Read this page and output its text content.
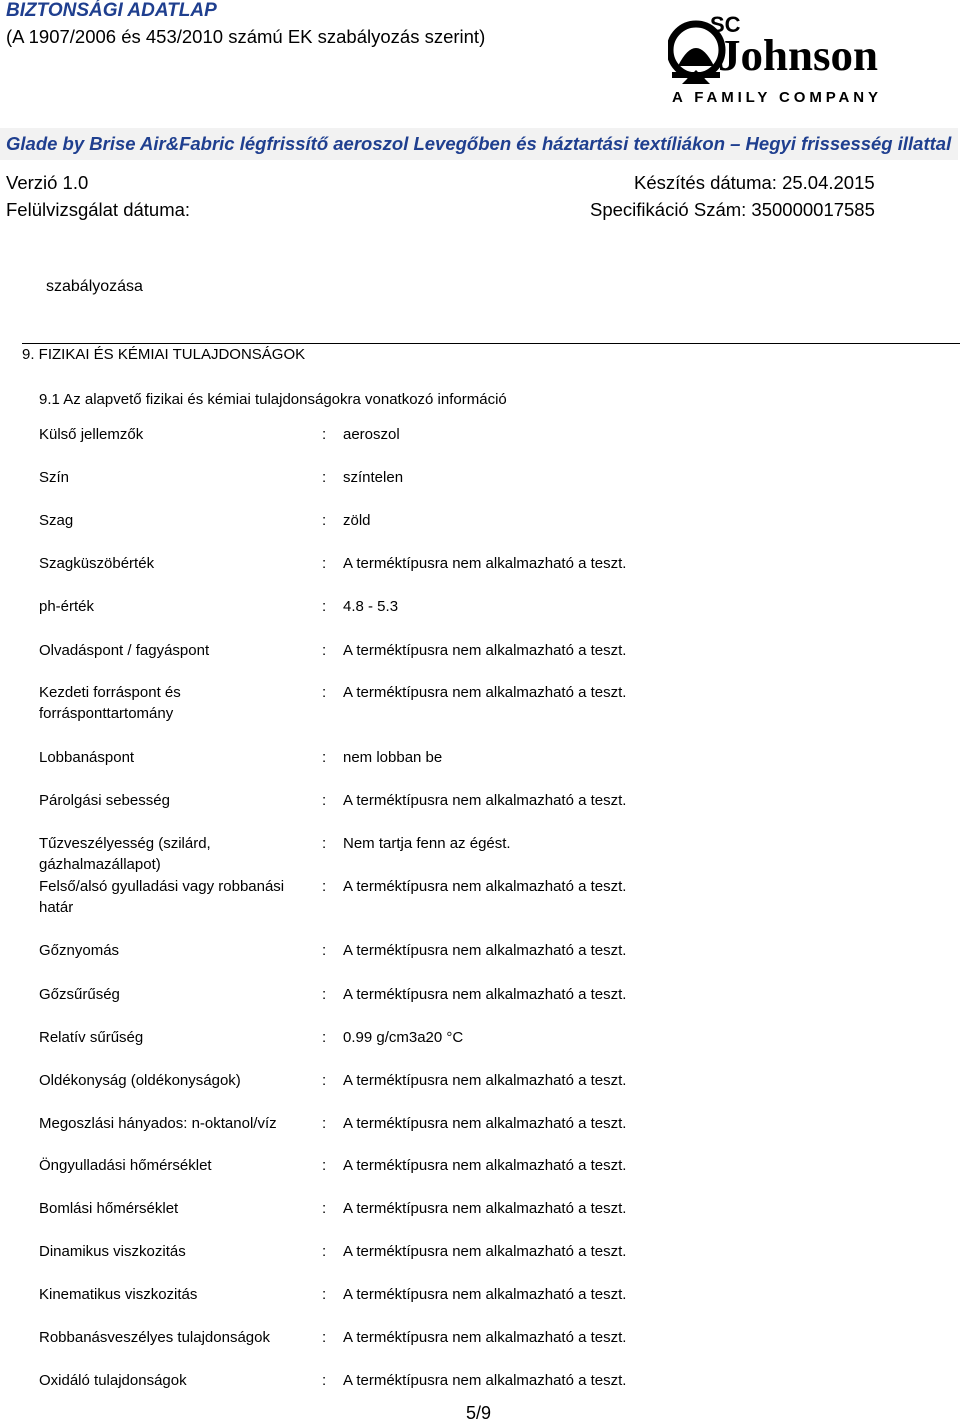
BIZTONSÁGI ADATLAP
(A 1907/2006 és 453/2010 számú EK szabályozás szerint)	SC
Johnson
A FAMILY COMPANY
Glade by Brise Air&Fabric légfrissítő aeroszol Levegőben és háztartási textíliákon – Hegyi frissesség illattal
Verzió 1.0	Készítés dátuma: 25.04.2015
Felülvizsgálat dátuma:	Specifikáció Szám: 350000017585
szabályozása
9. FIZIKAI ÉS KÉMIAI TULAJDONSÁGOK
9.1 Az alapvető fizikai és kémiai tulajdonságokra vonatkozó információ
Külső jellemzők	: aeroszol
Szín	: színtelen
Szag	: zöld
Szagküszöbérték	: A terméktípusra nem alkalmazható a teszt.
ph-érték	: 4.8 - 5.3
Olvadáspont / fagyáspont	: A terméktípusra nem alkalmazható a teszt.
Kezdeti forráspont és forrásponttartomány
: A terméktípusra nem alkalmazható a teszt.
Lobbanáspont	: nem lobban be
Párolgási sebesség	: A terméktípusra nem alkalmazható a teszt.
Tűzveszélyesség (szilárd, gázhalmazállapot)
: Nem tartja fenn az égést.
Felső/alsó gyulladási vagy robbanási határ
: A terméktípusra nem alkalmazható a teszt.
Gőznyomás	: A terméktípusra nem alkalmazható a teszt.
Gőzsűrűség	: A terméktípusra nem alkalmazható a teszt.
Relatív sűrűség	: 0.99 g/cm3a20 °C
Oldékonyság (oldékonyságok)	: A terméktípusra nem alkalmazható a teszt.
Megoszlási hányados: n-oktanol/víz	: A terméktípusra nem alkalmazható a teszt.
Öngyulladási hőmérséklet	: A terméktípusra nem alkalmazható a teszt.
Bomlási hőmérséklet	: A terméktípusra nem alkalmazható a teszt.
Dinamikus viszkozitás	: A terméktípusra nem alkalmazható a teszt.
Kinematikus viszkozitás	: A terméktípusra nem alkalmazható a teszt.
Robbanásveszélyes tulajdonságok	: A terméktípusra nem alkalmazható a teszt.
Oxidáló tulajdonságok	: A terméktípusra nem alkalmazható a teszt.
5/9
